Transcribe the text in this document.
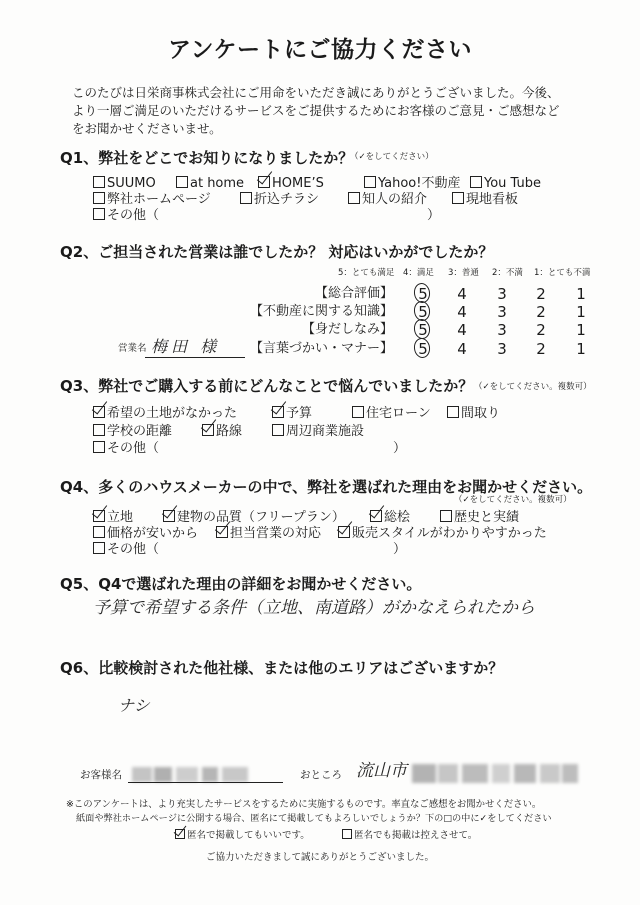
アンケートにご協力ください
このたびは日栄商事株式会社にご用命をいただき誠にありがとうございました。今後、
より一層ご満足のいただけるサービスをご提供するためにお客様のご意見・ご感想など
をお聞かせくださいませ。
Q1、弊社をどこでお知りになりましたか？
（✓をしてください）
SUUMO	at home	HOME’S	Yahoo!不動産	You Tube
弊社ホームページ	折込チラシ	知人の紹介	現地看板
その他（	）
Q2、ご担当された営業は誰でしたか？ 対応はいかがでしたか？
5：とても満足 4：満足 3：普通 2：不満 1：とても不満
【総合評価】	5	4	3	2	1
【不動産に関する知識】	5	4	3	2	1
【身だしなみ】	5	4	3	2	1
営業名 梅田 様	【言葉づかい・マナー】	5	4	3	2	1
Q3、弊社でご購入する前にどんなことで悩んでいましたか？ （✓をしてください。複数可）
希望の土地がなかった	予算	住宅ローン	間取り
学校の距離	路線	周辺商業施設
その他（	）
Q4、多くのハウスメーカーの中で、弊社を選ばれた理由をお聞かせください。
（✓をしてください。複数可）
立地	建物の品質（フリープラン）	総桧	歴史と実績
価格が安いから	担当営業の対応	販売スタイルがわかりやすかった
その他（	）
Q5、Q4で選ばれた理由の詳細をお聞かせください。
予算で希望する条件（立地、南道路）がかなえられたから
Q6、比較検討された他社様、または他のエリアはございますか？
ナシ
お客様名	おところ 流山市
※このアンケートは、より充実したサービスをするために実施するものです。率直なご感想をお聞かせください。
紙面や弊社ホームページに公開する場合、匿名にて掲載してもよろしいでしょうか？下の□の中に✓をしてください
匿名で掲載してもいいです。	匿名でも掲載は控えさせて。
ご協力いただきまして誠にありがとうございました。
